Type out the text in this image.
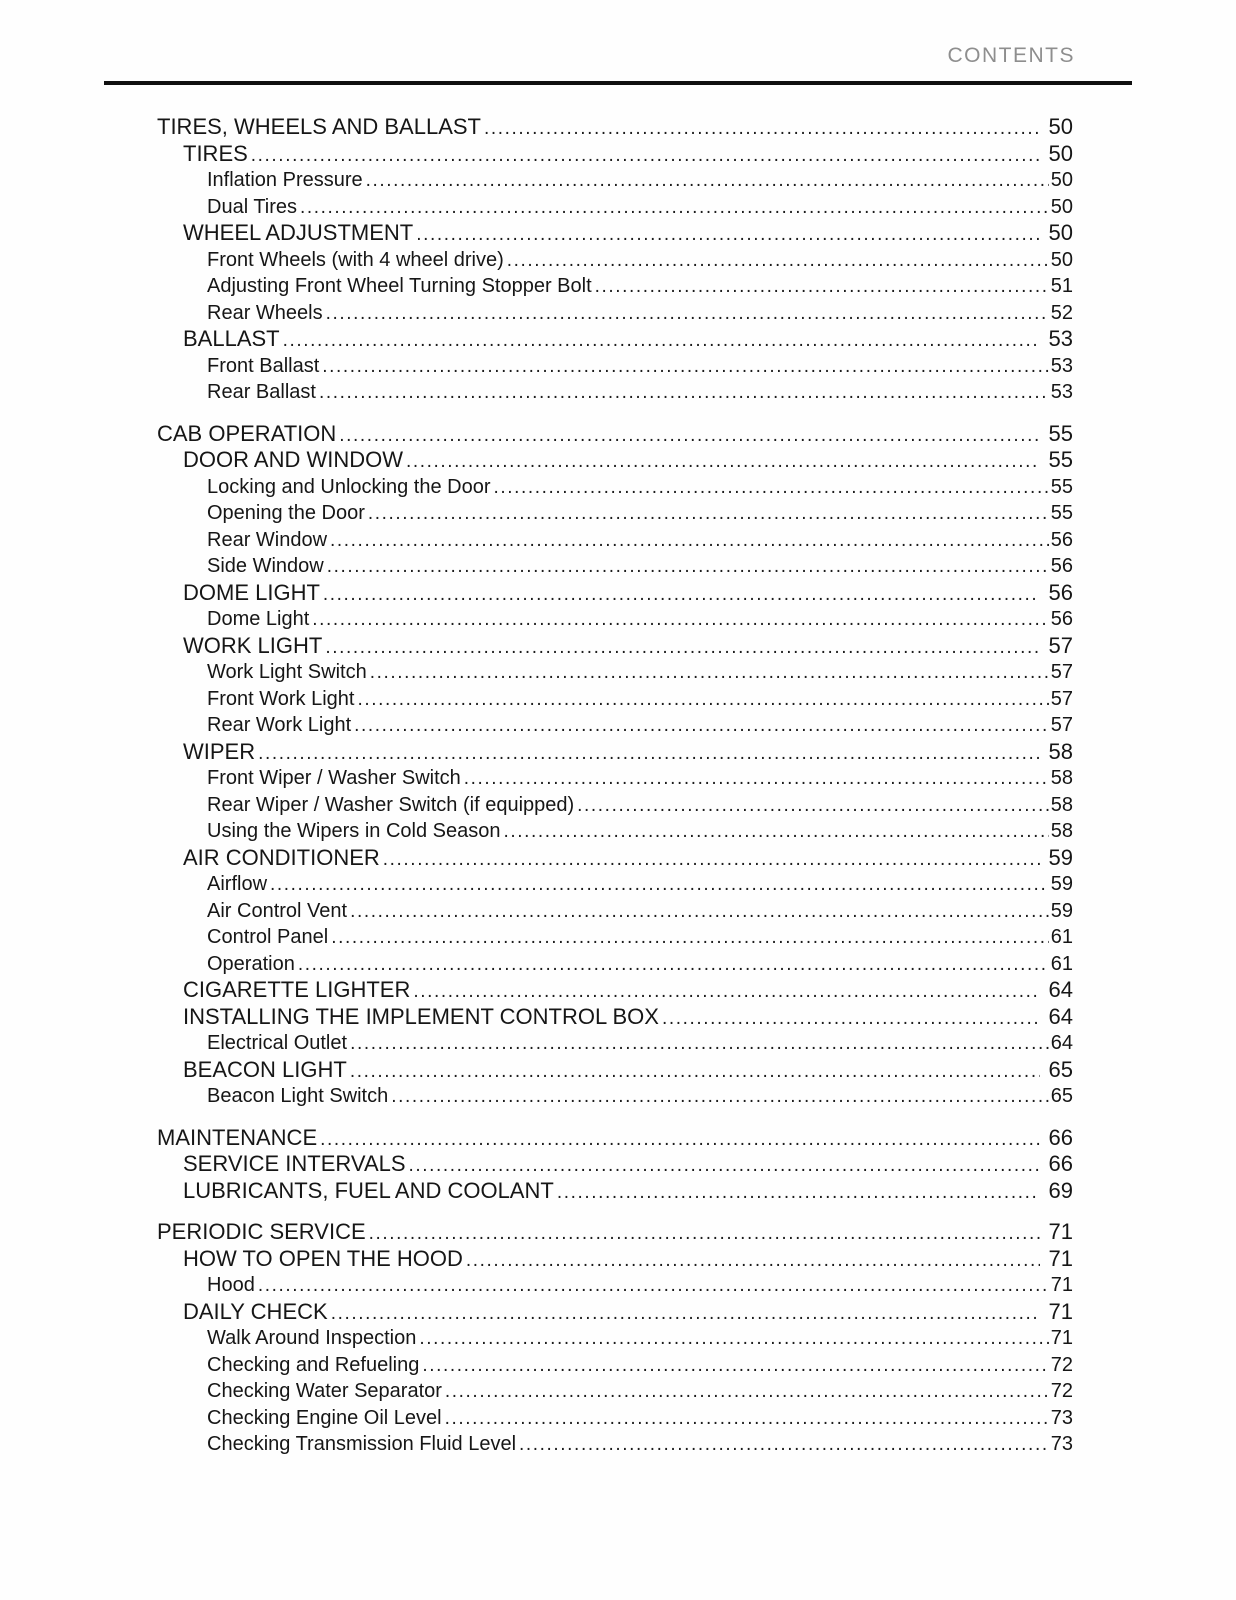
CONTENTS
TIRES, WHEELS AND BALLAST .....	50
TIRES .....	50
Inflation Pressure .....	50
Dual Tires .....	50
WHEEL ADJUSTMENT .....	50
Front Wheels (with 4 wheel drive) .....	50
Adjusting Front Wheel Turning Stopper Bolt .....	51
Rear Wheels .....	52
BALLAST .....	53
Front Ballast .....	53
Rear Ballast .....	53
CAB OPERATION .....	55
DOOR AND WINDOW .....	55
Locking and Unlocking the Door .....	55
Opening the Door .....	55
Rear Window .....	56
Side Window .....	56
DOME LIGHT .....	56
Dome Light .....	56
WORK LIGHT .....	57
Work Light Switch .....	57
Front Work Light .....	57
Rear Work Light .....	57
WIPER .....	58
Front Wiper / Washer Switch .....	58
Rear Wiper / Washer Switch (if equipped) .....	58
Using the Wipers in Cold Season .....	58
AIR CONDITIONER .....	59
Airflow .....	59
Air Control Vent .....	59
Control Panel .....	61
Operation .....	61
CIGARETTE LIGHTER .....	64
INSTALLING THE IMPLEMENT CONTROL BOX .....	64
Electrical Outlet .....	64
BEACON LIGHT .....	65
Beacon Light Switch .....	65
MAINTENANCE .....	66
SERVICE INTERVALS .....	66
LUBRICANTS, FUEL AND COOLANT .....	69
PERIODIC SERVICE .....	71
HOW TO OPEN THE HOOD .....	71
Hood .....	71
DAILY CHECK .....	71
Walk Around Inspection .....	71
Checking and Refueling .....	72
Checking Water Separator .....	72
Checking Engine Oil Level .....	73
Checking Transmission Fluid Level .....	73
